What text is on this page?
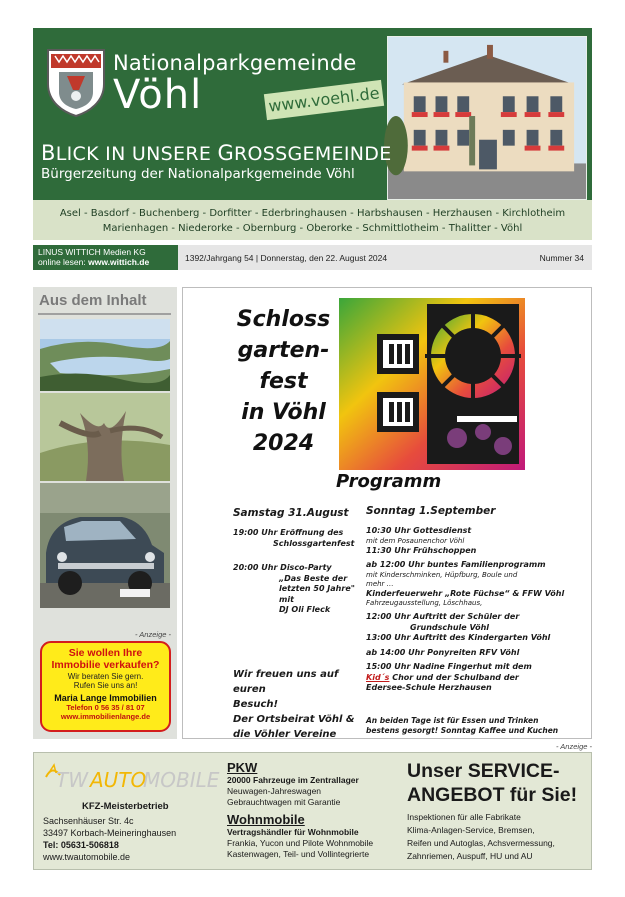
Nationalparkgemeinde
Vöhl	www.voehl.de
BLICK IN UNSERE GROSSGEMEINDE
Bürgerzeitung der Nationalparkgemeinde Vöhl
Asel - Basdorf - Buchenberg - Dorfitter - Ederbringhausen - Harbshausen - Herzhausen - Kirchlotheim
Marienhagen - Niederorke - Obernburg - Oberorke - Schmittlotheim - Thalitter - Vöhl
LINUS WITTICH Medien KG
online lesen: www.wittich.de	1392/Jahrgang 54 | Donnerstag, den 22. August 2024	Nummer 34
Aus dem Inhalt
- Anzeige -
Sie wollen Ihre
Immobilie verkaufen?
Wir beraten Sie gern.
Rufen Sie uns an!
Maria Lange Immobilien
Telefon 0 56 35 / 81 07
www.immobilienlange.de
Schloss
garten-
fest
in Vöhl
2024
Programm
Samstag 31.August
19:00 Uhr Eröffnung des
Schlossgartenfest
20:00 Uhr Disco-Party
„Das Beste der
letzten 50 Jahre"
mit
DJ Oli Fleck
Sonntag 1.September
10:30 Uhr Gottesdienst
mit dem Posaunenchor Vöhl
11:30 Uhr Frühschoppen
ab 12:00 Uhr buntes Familienprogramm
mit Kinderschminken, Hüpfburg, Boule und
mehr …
Kinderfeuerwehr „Rote Füchse“ & FFW Vöhl
Fahrzeugausstellung, Löschhaus,
12:00 Uhr Auftritt der Schüler der
Grundschule Vöhl
13:00 Uhr Auftritt des Kindergarten Vöhl
ab 14:00 Uhr Ponyreiten RFV Vöhl
15:00 Uhr Nadine Fingerhut mit dem
Kid´s Chor und der Schulband der
Edersee-Schule Herzhausen
Wir freuen uns auf euren
Besuch!
Der Ortsbeirat Vöhl &
die Vöhler Vereine
An beiden Tage ist für Essen und Trinken
bestens gesorgt! Sonntag Kaffee und Kuchen
- Anzeige -
TW AUTO
MOBILE
KFZ-Meisterbetrieb
Sachsenhäuser Str. 4c
33497 Korbach-Meineringhausen
Tel: 05631-506818
www.twautomobile.de
PKW
20000 Fahrzeuge im Zentrallager
Neuwagen-Jahreswagen
Gebrauchtwagen mit Garantie
Wohnmobile
Vertragshändler für Wohnmobile
Frankia, Yucon und Pilote Wohnmobile
Kastenwagen, Teil- und Vollintegrierte
Unser SERVICE-
ANGEBOT für Sie!
Inspektionen für alle Fabrikate
Klima-Anlagen-Service, Bremsen,
Reifen und Autoglas, Achsvermessung,
Zahnriemen, Auspuff, HU und AU
